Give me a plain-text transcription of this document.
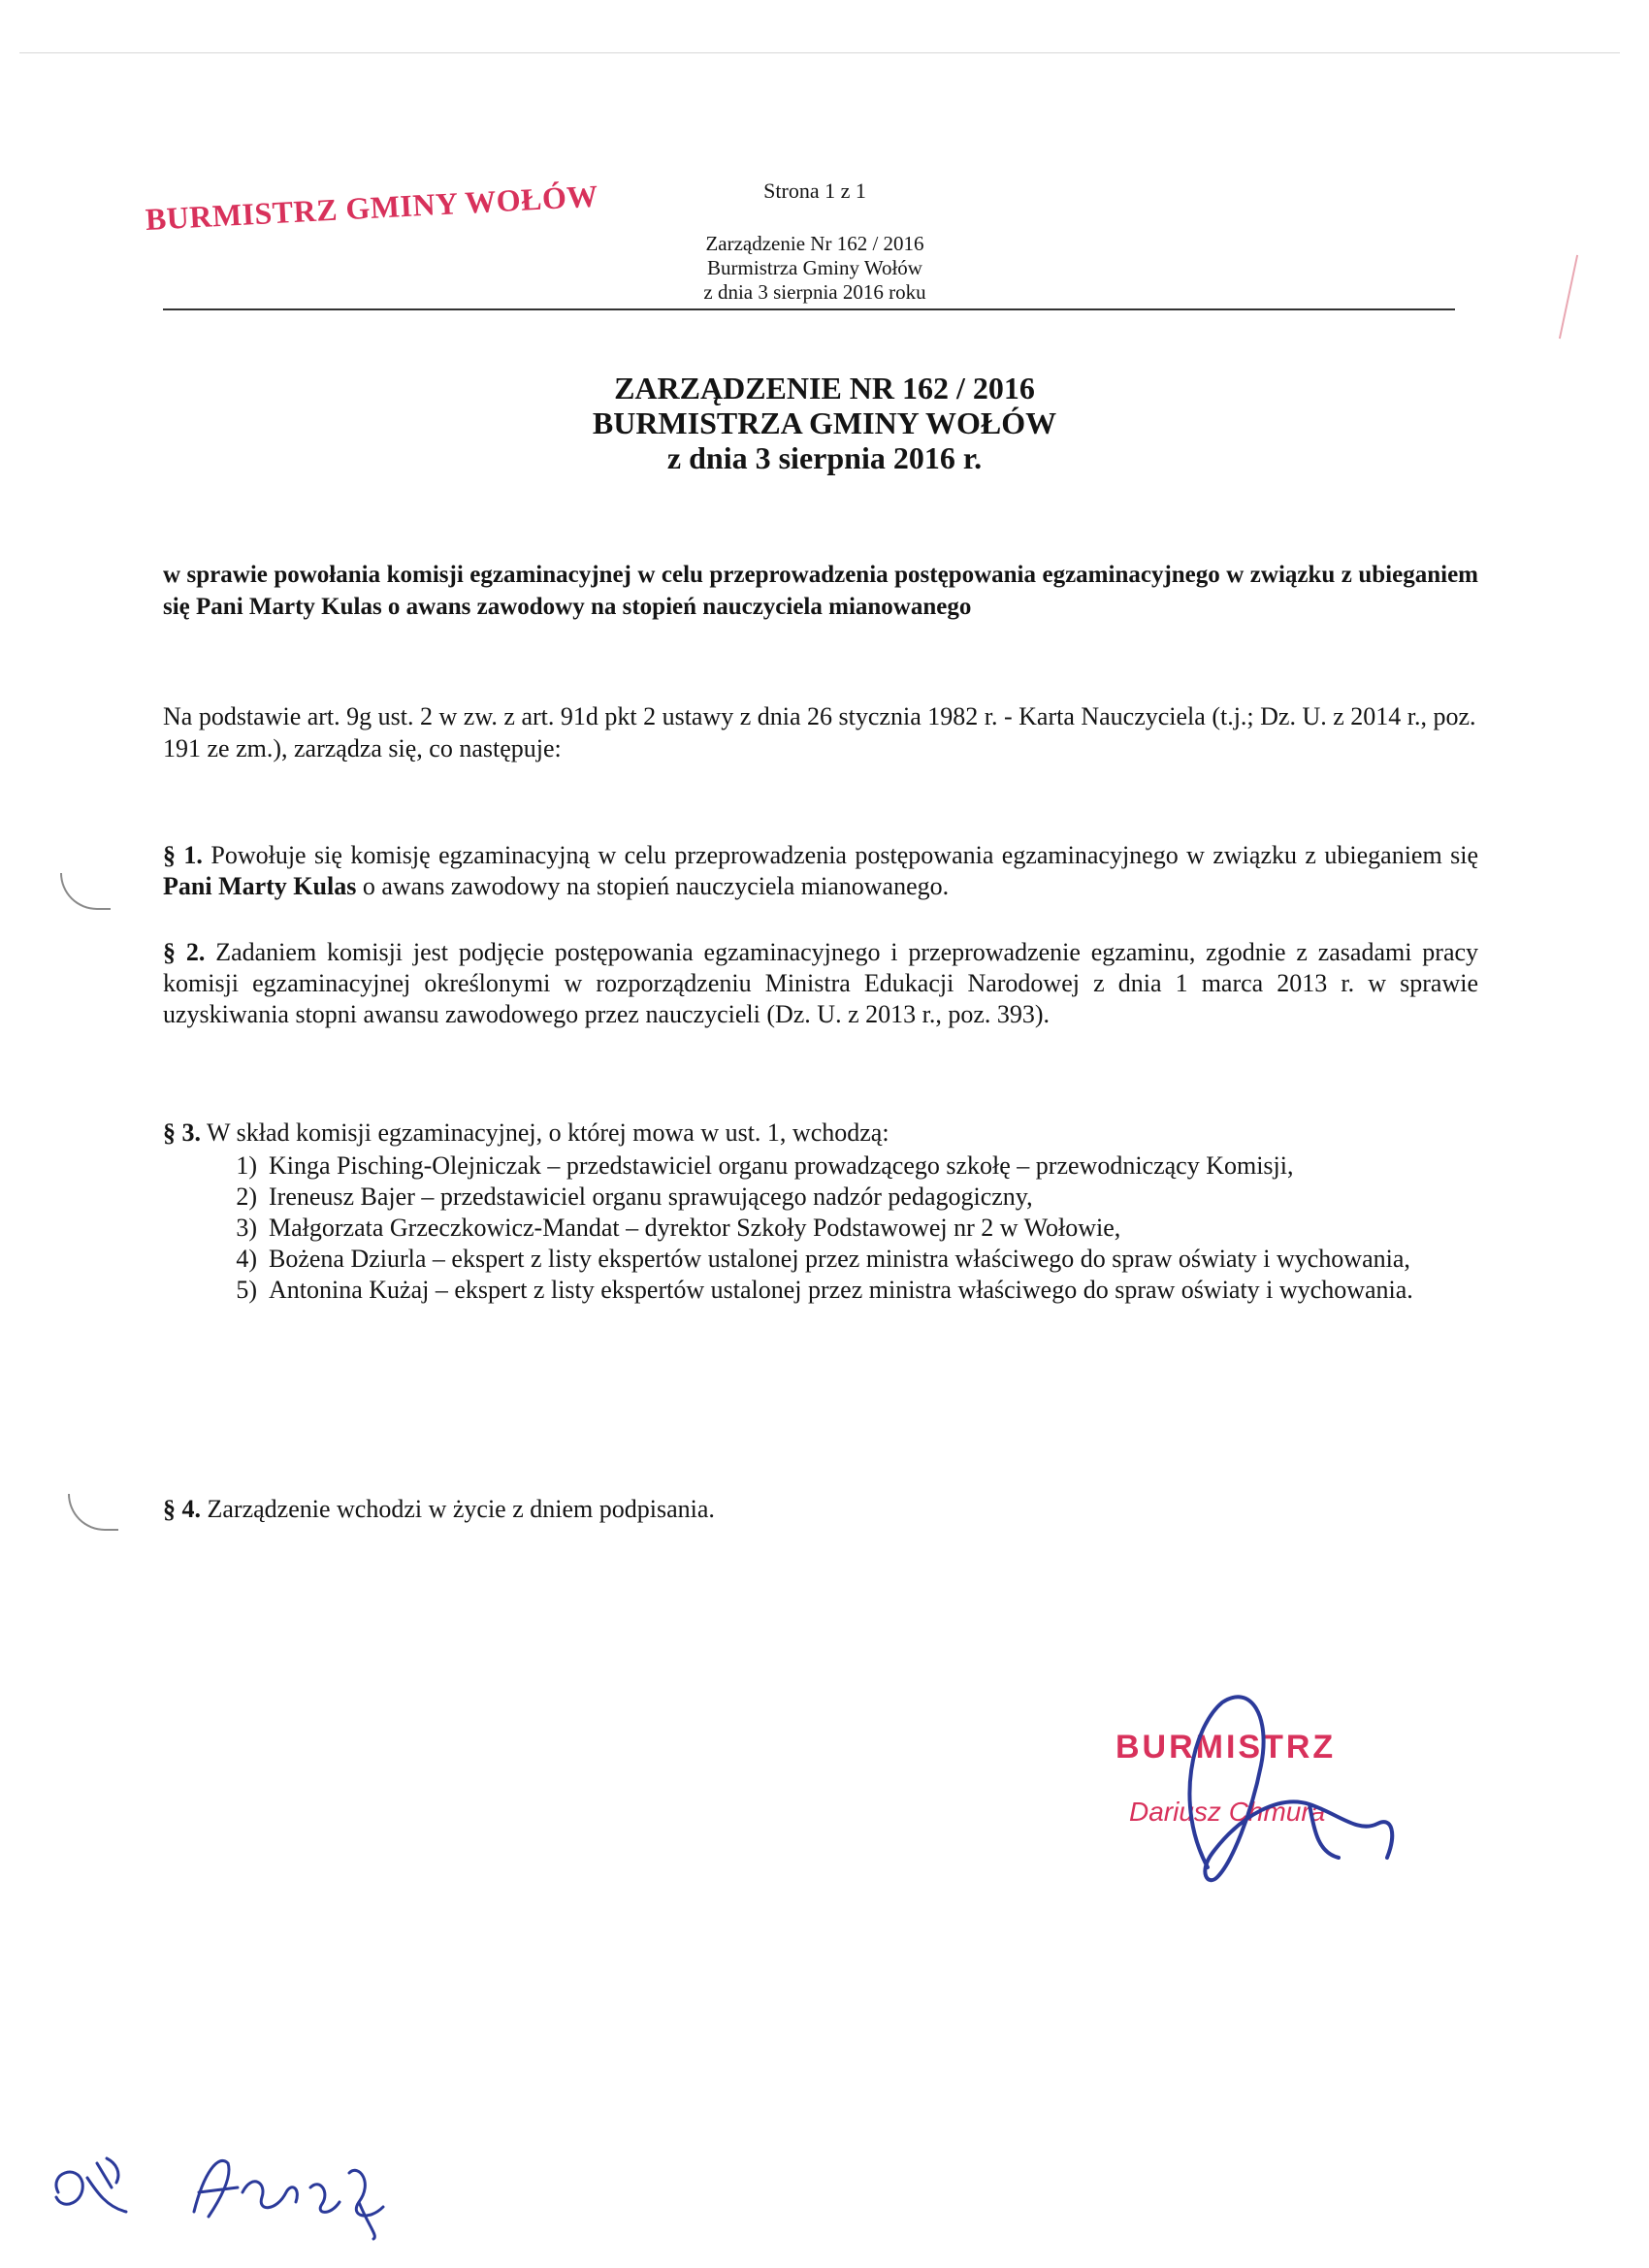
BURMISTRZ GMINY WOŁÓW	Strona 1 z 1
Zarządzenie Nr 162 / 2016
Burmistrza Gminy Wołów
z dnia 3 sierpnia 2016 roku
ZARZĄDZENIE NR 162 / 2016
BURMISTRZA GMINY WOŁÓW
z dnia 3 sierpnia 2016 r.
w sprawie powołania komisji egzaminacyjnej w celu przeprowadzenia postępowania egzaminacyjnego w związku z ubieganiem się Pani Marty Kulas o awans zawodowy na stopień nauczyciela mianowanego
Na podstawie art. 9g ust. 2 w zw. z art. 91d pkt 2 ustawy z dnia 26 stycznia 1982 r. - Karta Nauczyciela (t.j.; Dz. U. z 2014 r., poz. 191 ze zm.), zarządza się, co następuje:
§ 1. Powołuje się komisję egzaminacyjną w celu przeprowadzenia postępowania egzaminacyjnego w związku z ubieganiem się Pani Marty Kulas o awans zawodowy na stopień nauczyciela mianowanego.
§ 2. Zadaniem komisji jest podjęcie postępowania egzaminacyjnego i przeprowadzenie egzaminu, zgodnie z zasadami pracy komisji egzaminacyjnej określonymi w rozporządzeniu Ministra Edukacji Narodowej z dnia 1 marca 2013 r. w sprawie uzyskiwania stopni awansu zawodowego przez nauczycieli (Dz. U. z 2013 r., poz. 393).
§ 3. W skład komisji egzaminacyjnej, o której mowa w ust. 1, wchodzą:
1) Kinga Pisching-Olejniczak – przedstawiciel organu prowadzącego szkołę – przewodniczący Komisji,
2) Ireneusz Bajer – przedstawiciel organu sprawującego nadzór pedagogiczny,
3) Małgorzata Grzeczkowicz-Mandat – dyrektor Szkoły Podstawowej nr 2 w Wołowie,
4) Bożena Dziurla – ekspert z listy ekspertów ustalonej przez ministra właściwego do spraw oświaty i wychowania,
5) Antonina Kużaj – ekspert z listy ekspertów ustalonej przez ministra właściwego do spraw oświaty i wychowania.
§ 4. Zarządzenie wchodzi w życie z dniem podpisania.
BURMISTRZ
Dariusz Chmura
